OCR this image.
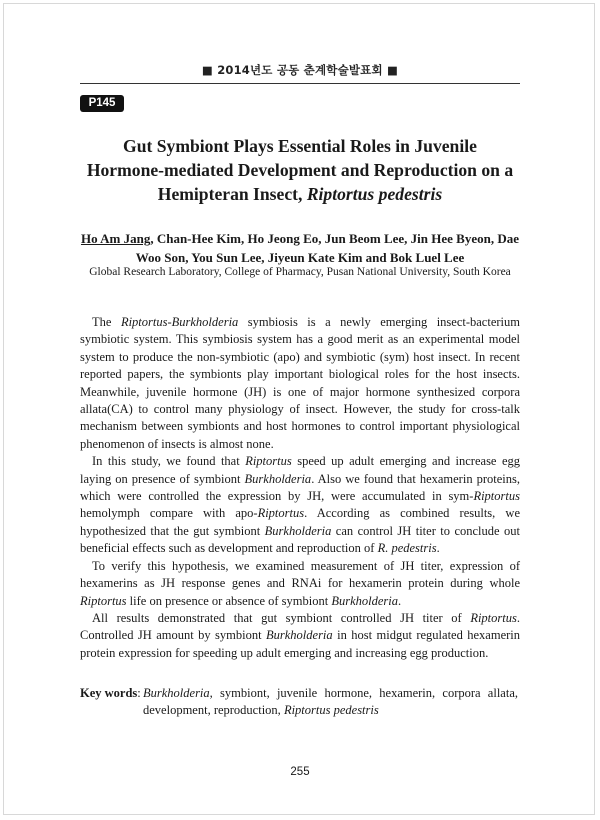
■ 2014년도 공동 춘계학술발표회 ■
P145
Gut Symbiont Plays Essential Roles in Juvenile
Hormone-mediated Development and Reproduction on a
Hemipteran Insect, Riptortus pedestris
Ho Am Jang, Chan-Hee Kim, Ho Jeong Eo, Jun Beom Lee, Jin Hee Byeon, Dae Woo Son, You Sun Lee, Jiyeun Kate Kim and Bok Luel Lee
Global Research Laboratory, College of Pharmacy, Pusan National University, South Korea

The Riptortus-Burkholderia symbiosis is a newly emerging insect-bacterium symbiotic system. This symbiosis system has a good merit as an experimental model system to produce the non-symbiotic (apo) and symbiotic (sym) host insect. In recent reported papers, the symbionts play important biological roles for the host insects. Meanwhile, juvenile hormone (JH) is one of major hormone synthesized corpora allata(CA) to control many physiology of insect. However, the study for cross-talk mechanism between symbionts and host hormones to control important physiological phenomenon of insects is almost none.

In this study, we found that Riptortus speed up adult emerging and increase egg laying on presence of symbiont Burkholderia. Also we found that hexamerin proteins, which were controlled the expression by JH, were accumulated in sym-Riptortus hemolymph compare with apo-Riptortus. According as combined results, we hypothesized that the gut symbiont Burkholderia can control JH titer to conclude out beneficial effects such as development and reproduction of R. pedestris.

To verify this hypothesis, we examined measurement of JH titer, expression of hexamerins as JH response genes and RNAi for hexamerin protein during whole Riptortus life on presence or absence of symbiont Burkholderia.

All results demonstrated that gut symbiont controlled JH titer of Riptortus. Controlled JH amount by symbiont Burkholderia in host midgut regulated hexamerin protein expression for speeding up adult emerging and increasing egg production.

Key words:Burkholderia, symbiont, juvenile hormone, hexamerin, corpora allata, development, reproduction, Riptortus pedestris
255
